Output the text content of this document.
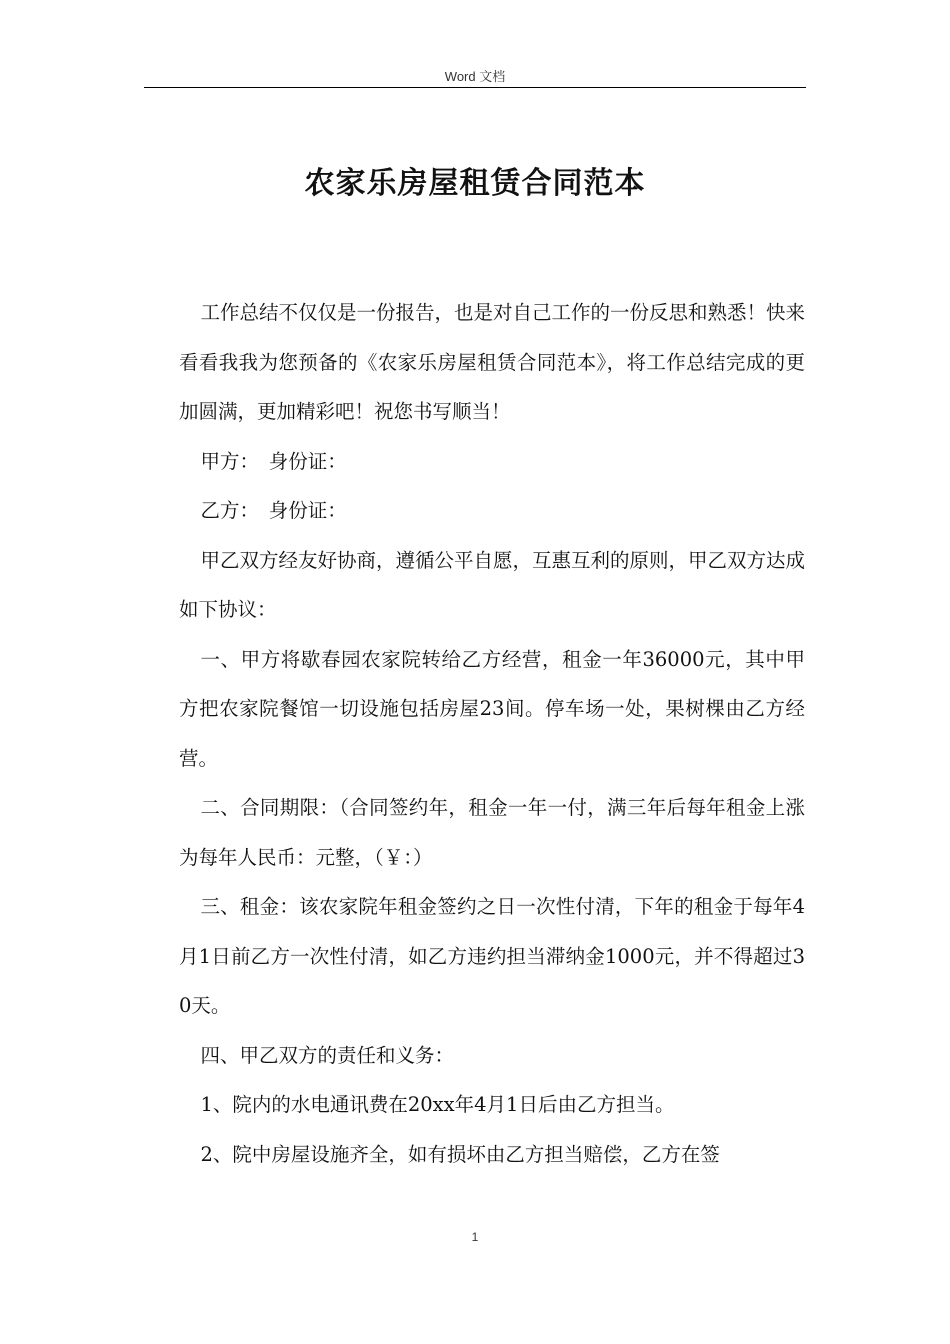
Word 文档
农家乐房屋租赁合同范本

工作总结不仅仅是一份报告，也是对自己工作的一份反思和熟悉！快来看看我我为您预备的《农家乐房屋租赁合同范本》，将工作总结完成的更加圆满，更加精彩吧！祝您书写顺当！

甲方：　身份证：

乙方：　身份证：

甲乙双方经友好协商，遵循公平自愿，互惠互利的原则，甲乙双方达成如下协议：

一、甲方将歇春园农家院转给乙方经营，租金一年36000元，其中甲方把农家院餐馆一切设施包括房屋23间。停车场一处，果树棵由乙方经营。

二、合同期限：（合同签约年，租金一年一付，满三年后每年租金上涨为每年人民币：元整，（￥：）

三、租金：该农家院年租金签约之日一次性付清，下年的租金于每年4月1日前乙方一次性付清，如乙方违约担当滞纳金1000元，并不得超过30天。

四、甲乙双方的责任和义务：

1、院内的水电通讯费在20xx年4月1日后由乙方担当。

2、院中房屋设施齐全，如有损坏由乙方担当赔偿，乙方在签

1
